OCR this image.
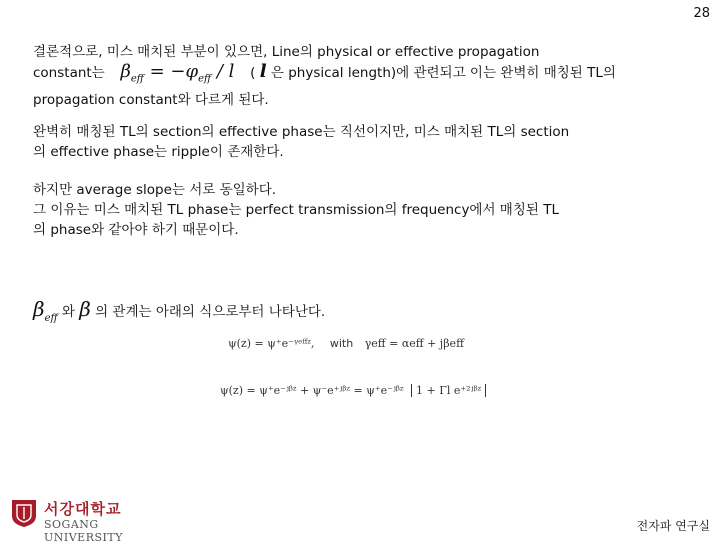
28
결론적으로, 미스 매치된 부분이 있으면, Line의 physical or effective propagation
constant는   $\beta_{eff} = -\varphi_{eff} / l$   ( l 은 physical length)에 관련되고 이는 완벽히 매칭된 TL의
propagation constant와 다르게 된다.
완벽히 매칭된 TL의 section의 effective phase는 직선이지만, 미스 매치된 TL의 section
의 effective phase는 ripple이 존재한다.
하지만 average slope는 서로 동일하다.
그 이유는 미스 매치된 TL phase는 perfect transmission의 frequency에서 매칭된 TL
의 phase와 같아야 하기 때문이다.
$\beta_{eff}$ 와 β 의 관계는 아래의 식으로부터 나타난다.
ψ(z) = ψ⁺e⁻ᵞᵉᶠᶠᶻ, with γeff = αeff + jβeff
ψ(z) = ψ⁺e⁻ʲᵝᶻ + ψ⁻e⁺ʲᵝᶻ = ψ⁺e⁻ʲᵝᶻ 1 + Γl e⁺²ʲᵝᶻ
서강대학교
SOGANG UNIVERSITY
전자파 연구실
